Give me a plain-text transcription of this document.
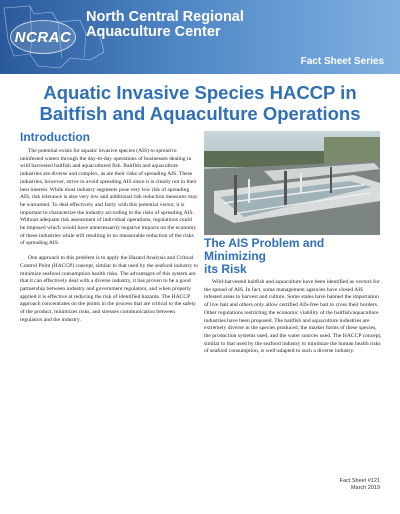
NCRAC
North Central Regional
Aquaculture Center
Fact Sheet Series
Aquatic Invasive Species HACCP in
Baitfish and Aquaculture Operations
Introduction

The potential exists for aquatic invasive species (AIS) to spread to uninfested waters through the day-to-day operations of businesses dealing in wild harvested baitfish and aquacultured fish. Baitfish and aquaculture industries are diverse and complex, as are their risks of spreading AIS. These industries, however, strive to avoid spreading AIS since it is clearly not in their best interest. While most industry segments pose very low risk of spreading AIS, risk tolerance is also very low and additional risk reduction measures may be warranted. To deal effectively and fairly with this potential vector, it is important to characterize the industry according to the risks of spreading AIS. Without adequate risk assessment of individual operations, regulations could be imposed which would have unnecessarily negative impacts on the economy of these industries while still resulting in no measurable reduction of the risks of spreading AIS.

One approach to this problem is to apply the Hazard Analysis and Critical Control Point (HACCP) concept, similar to that used by the seafood industry to minimize seafood consumption health risks. The advantages of this system are that it can effectively deal with a diverse industry, it has proven to be a good partnership between industry and government regulators, and when properly applied it is effective at reducing the risk of identified hazards. The HACCP approach concentrates on the points in the process that are critical to the safety of the product, minimizes risks, and stresses communication between regulators and the industry.

The AIS Problem and Minimizing
its Risk

Wild-harvested baitfish and aquaculture have been identified as vectors for the spread of AIS. In fact, some management agencies have closed AIS infested areas to harvest and culture. Some states have banned the importation of live bait and others only allow certified AIS-free bait to cross their borders. Other regulations restricting the economic viability of the baitfish/aquaculture industries have been proposed. The baitfish and aquaculture industries are extremely diverse in the species produced, the market forms of these species, the production systems used, and the water sources used. The HACCP concept, similar to that used by the seafood industry to minimize the human health risks of seafood consumption, is well-adapted to such a diverse industry.

Fact Sheet #121
March 2019
